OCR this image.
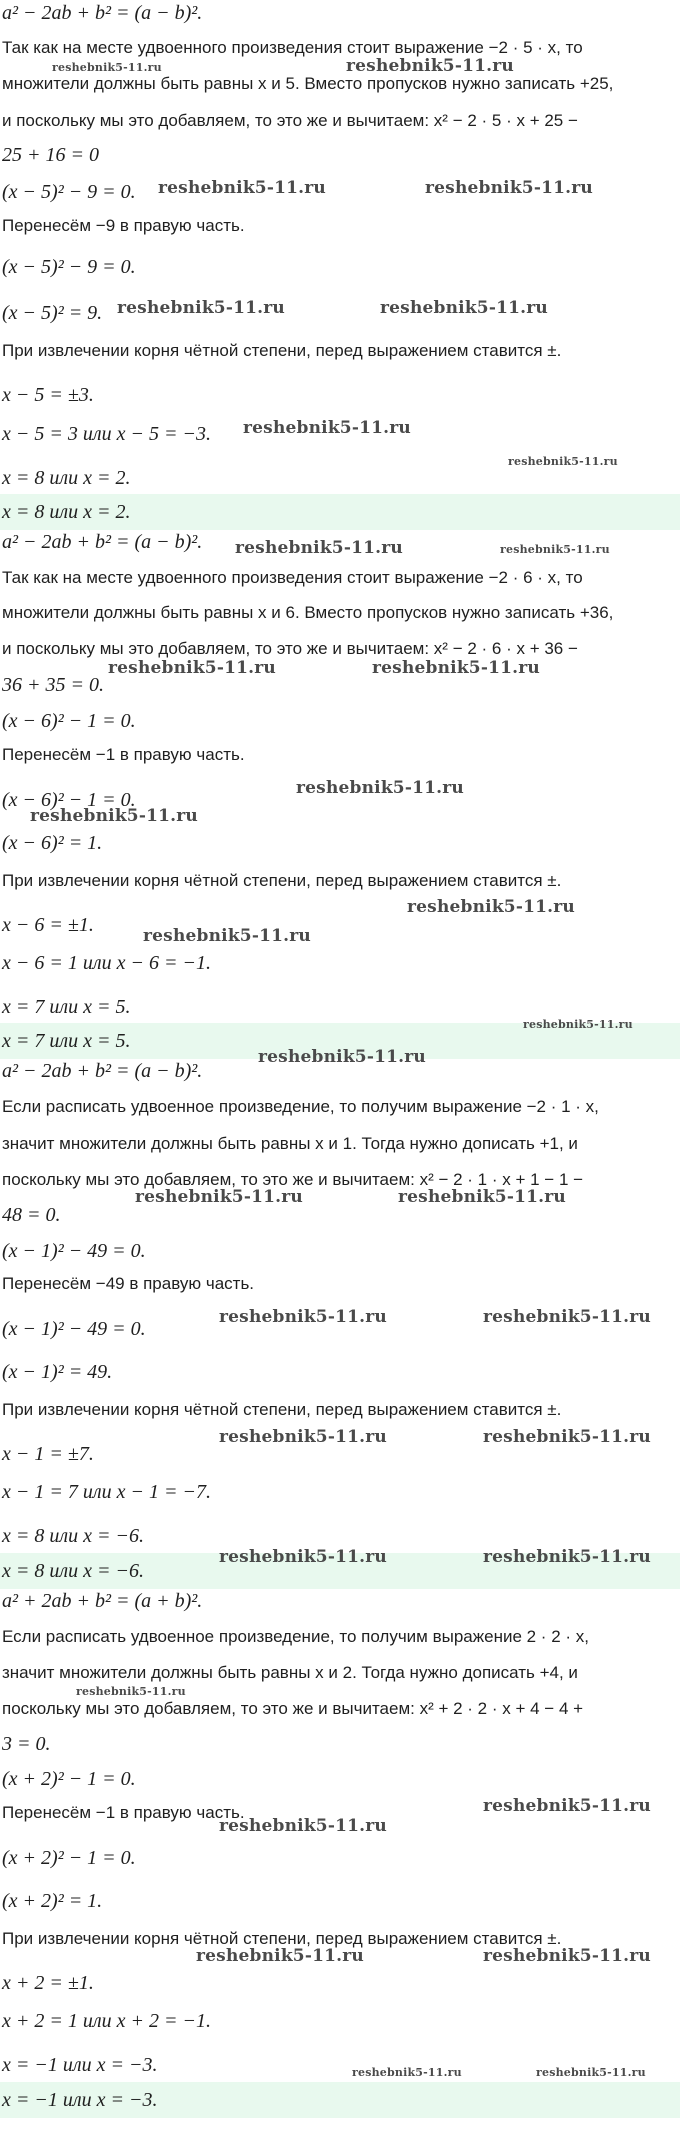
a² − 2ab + b² = (a − b)².
Так как на месте удвоенного произведения стоит выражение −2 · 5 · x, то
множители должны быть равны x и 5. Вместо пропусков нужно записать +25,
и поскольку мы это добавляем, то это же и вычитаем: x² − 2 · 5 · x + 25 −
25 + 16 = 0
(x − 5)² − 9 = 0.
Перенесём −9 в правую часть.
(x − 5)² − 9 = 0.
(x − 5)² = 9.
При извлечении корня чётной степени, перед выражением ставится ±.
x − 5 = ±3.
x − 5 = 3 или x − 5 = −3.
x = 8 или x = 2.
x = 8 или x = 2.
a² − 2ab + b² = (a − b)².
Так как на месте удвоенного произведения стоит выражение −2 · 6 · x, то
множители должны быть равны x и 6. Вместо пропусков нужно записать +36,
и поскольку мы это добавляем, то это же и вычитаем: x² − 2 · 6 · x + 36 −
36 + 35 = 0.
(x − 6)² − 1 = 0.
Перенесём −1 в правую часть.
(x − 6)² − 1 = 0.
(x − 6)² = 1.
При извлечении корня чётной степени, перед выражением ставится ±.
x − 6 = ±1.
x − 6 = 1 или x − 6 = −1.
x = 7 или x = 5.
x = 7 или x = 5.
a² − 2ab + b² = (a − b)².
Если расписать удвоенное произведение, то получим выражение −2 · 1 · x,
значит множители должны быть равны x и 1. Тогда нужно дописать +1, и
поскольку мы это добавляем, то это же и вычитаем: x² − 2 · 1 · x + 1 − 1 −
48 = 0.
(x − 1)² − 49 = 0.
Перенесём −49 в правую часть.
(x − 1)² − 49 = 0.
(x − 1)² = 49.
При извлечении корня чётной степени, перед выражением ставится ±.
x − 1 = ±7.
x − 1 = 7 или x − 1 = −7.
x = 8 или x = −6.
x = 8 или x = −6.
a² + 2ab + b² = (a + b)².
Если расписать удвоенное произведение, то получим выражение 2 · 2 · x,
значит множители должны быть равны x и 2. Тогда нужно дописать +4, и
поскольку мы это добавляем, то это же и вычитаем: x² + 2 · 2 · x + 4 − 4 +
3 = 0.
(x + 2)² − 1 = 0.
Перенесём −1 в правую часть.
(x + 2)² − 1 = 0.
(x + 2)² = 1.
При извлечении корня чётной степени, перед выражением ставится ±.
x + 2 = ±1.
x + 2 = 1 или x + 2 = −1.
x = −1 или x = −3.
x = −1 или x = −3.
reshebnik5-11.ru	reshebnik5-11.ru
reshebnik5-11.ru	reshebnik5-11.ru
reshebnik5-11.ru	reshebnik5-11.ru
reshebnik5-11.ru
reshebnik5-11.ru
reshebnik5-11.ru	reshebnik5-11.ru
reshebnik5-11.ru	reshebnik5-11.ru
reshebnik5-11.ru
reshebnik5-11.ru
reshebnik5-11.ru
reshebnik5-11.ru
reshebnik5-11.ru
reshebnik5-11.ru
reshebnik5-11.ru	reshebnik5-11.ru
reshebnik5-11.ru	reshebnik5-11.ru
reshebnik5-11.ru	reshebnik5-11.ru
reshebnik5-11.ru	reshebnik5-11.ru
reshebnik5-11.ru
reshebnik5-11.ru
reshebnik5-11.ru
reshebnik5-11.ru	reshebnik5-11.ru
reshebnik5-11.ru	reshebnik5-11.ru
